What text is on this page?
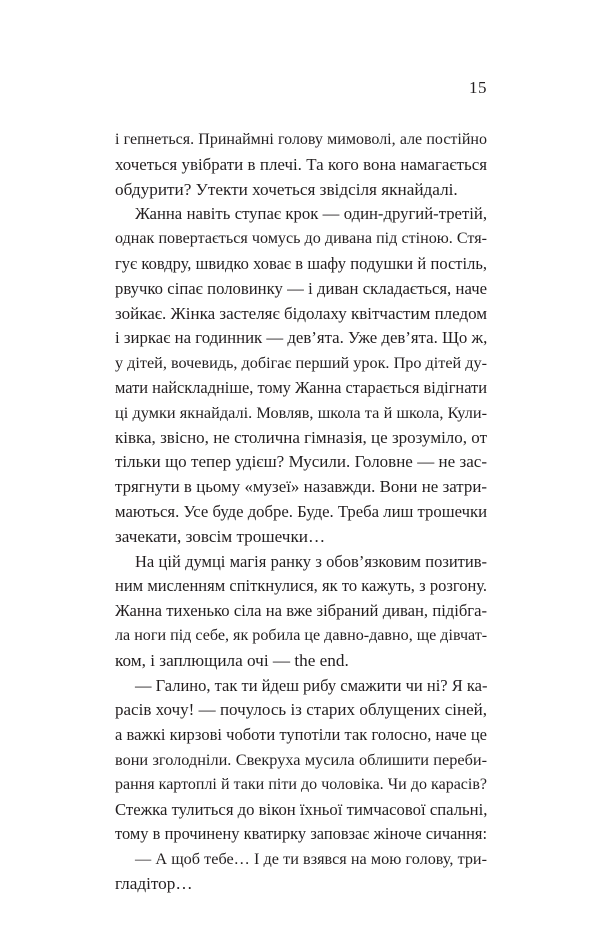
15
і гепнеться. Принаймні голову мимоволі, але постійно
хочеться увібрати в плечі. Та кого вона намагається
обдурити? Утекти хочеться звідсіля якнайдалі.
Жанна навіть ступає крок — один-другий-третій,
однак повертається чомусь до дивана під стіною. Стя-
гує ковдру, швидко ховає в шафу подушки й постіль,
рвучко сіпає половинку — і диван складається, наче
зойкає. Жінка застеляє бідолаху квітчастим пледом
і зиркає на годинник — дев’ята. Уже дев’ята. Що ж,
у дітей, вочевидь, добігає перший урок. Про дітей ду-
мати найскладніше, тому Жанна старається відігнати
ці думки якнайдалі. Мовляв, школа та й школа, Кули-
ківка, звісно, не столична гімназія, це зрозуміло, от
тільки що тепер удієш? Мусили. Головне — не зас-
трягнути в цьому «музеї» назавжди. Вони не затри-
маються. Усе буде добре. Буде. Треба лиш трошечки
зачекати, зовсім трошечки…
На цій думці магія ранку з обов’язковим позитив-
ним мисленням спіткнулися, як то кажуть, з розгону.
Жанна тихенько сіла на вже зібраний диван, підібга-
ла ноги під себе, як робила це давно-давно, ще дівчат-
ком, і заплющила очі — the end.
— Галино, так ти йдеш рибу смажити чи ні? Я ка-
расів хочу! — почулось із старих облущених сіней,
а важкі кирзові чоботи тупотіли так голосно, наче це
вони зголодніли. Свекруха мусила облишити переби-
рання картоплі й таки піти до чоловіка. Чи до карасів?
Стежка тулиться до вікон їхньої тимчасової спальні,
тому в прочинену кватирку заповзає жіноче сичання:
— А щоб тебе… І де ти взявся на мою голову, три-
гладітор…
